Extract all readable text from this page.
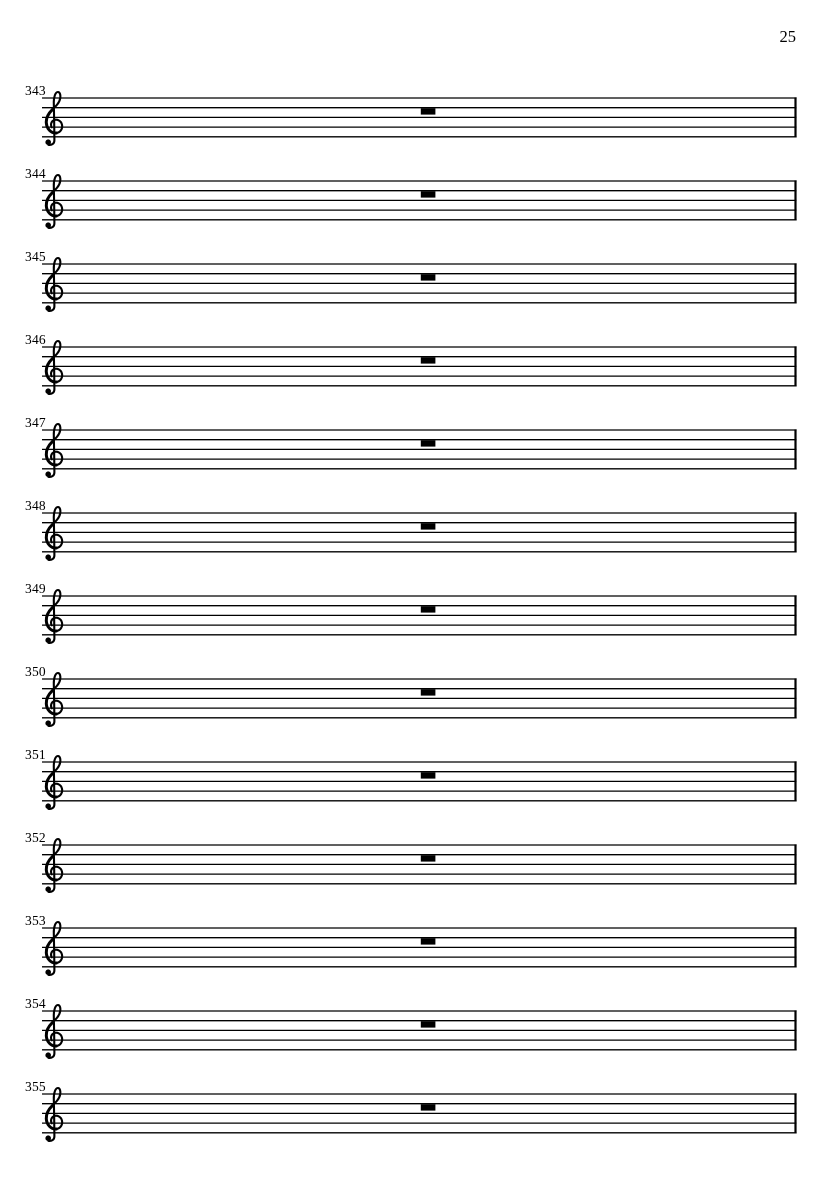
25
343
344
345
346
347
348
349
350
351
352
353
354
355
